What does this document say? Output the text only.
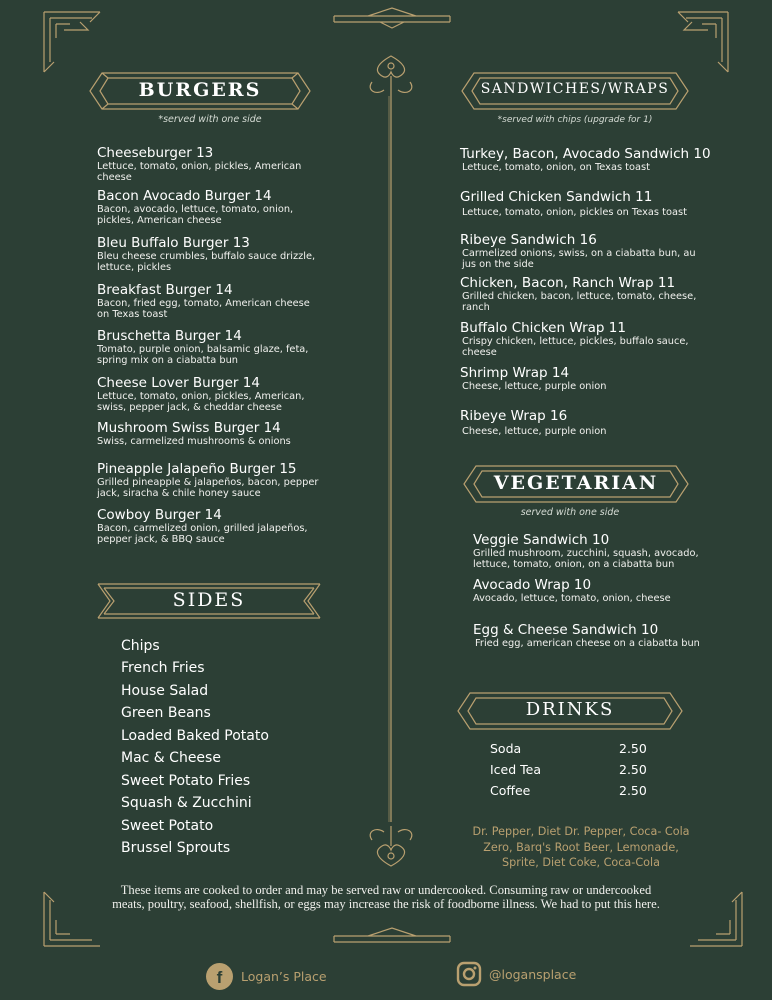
BURGERS
*served with one side
SANDWICHES/WRAPS
*served with chips (upgrade for 1)
SIDES
VEGETARIAN
served with one side
DRINKS
Cheeseburger 13
Lettuce, tomato, onion, pickles, American cheese
Bacon Avocado Burger 14
Bacon, avocado, lettuce, tomato, onion, pickles, American cheese
Bleu Buffalo Burger 13
Bleu cheese crumbles, buffalo sauce drizzle, lettuce, pickles
Breakfast Burger 14
Bacon, fried egg, tomato, American cheese on Texas toast
Bruschetta Burger 14
Tomato, purple onion, balsamic glaze, feta, spring mix on a ciabatta bun
Cheese Lover Burger 14
Lettuce, tomato, onion, pickles, American, swiss, pepper jack, & cheddar cheese
Mushroom Swiss Burger 14
Swiss, carmelized mushrooms & onions
Pineapple Jalapeño Burger 15
Grilled pineapple & jalapeños, bacon, pepper jack, siracha & chile honey sauce
Cowboy Burger 14
Bacon, carmelized onion, grilled jalapeños, pepper jack, & BBQ sauce
Chips
French Fries
House Salad
Green Beans
Loaded Baked Potato
Mac & Cheese
Sweet Potato Fries
Squash & Zucchini
Sweet Potato
Brussel Sprouts
Turkey, Bacon, Avocado Sandwich 10
Lettuce, tomato, onion, on Texas toast
Grilled Chicken Sandwich 11
Lettuce, tomato, onion, pickles on Texas toast
Ribeye Sandwich 16
Carmelized onions, swiss, on a ciabatta bun, au jus on the side
Chicken, Bacon, Ranch Wrap 11
Grilled chicken, bacon, lettuce, tomato, cheese, ranch
Buffalo Chicken Wrap 11
Crispy chicken, lettuce, pickles, buffalo sauce, cheese
Shrimp Wrap 14
Cheese, lettuce, purple onion
Ribeye Wrap 16
Cheese, lettuce, purple onion
Veggie Sandwich 10
Grilled mushroom, zucchini, squash, avocado, lettuce, tomato, onion, on a ciabatta bun
Avocado Wrap 10
Avocado, lettuce, tomato, onion, cheese
Egg & Cheese Sandwich 10
Fried egg, american cheese on a ciabatta bun
Soda	2.50
Iced Tea	2.50
Coffee	2.50
Dr. Pepper, Diet Dr. Pepper, Coca- Cola
Zero, Barq's Root Beer, Lemonade,
Sprite, Diet Coke, Coca-Cola
These items are cooked to order and may be served raw or undercooked. Consuming raw or undercooked
meats, poultry, seafood, shellfish, or eggs may increase the risk of foodborne illness. We had to put this here.
f	Logan’s Place	@logansplace
